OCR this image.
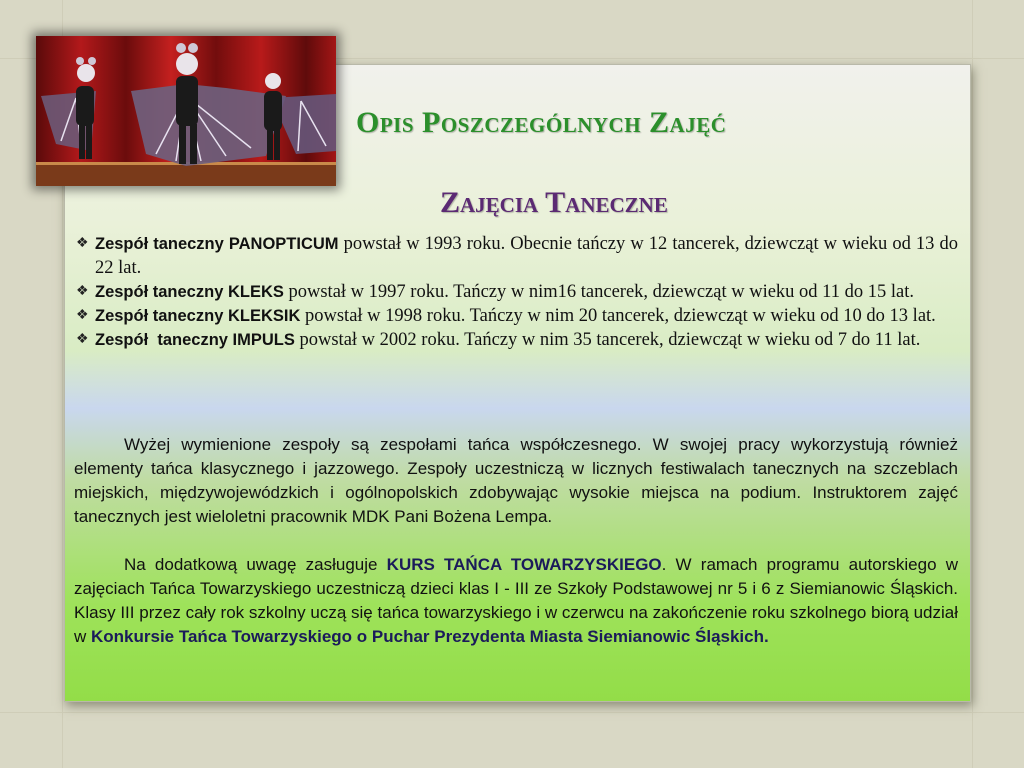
Opis Poszczególnych Zajęć
Zajęcia Taneczne
❖ Zespół taneczny PANOPTICUM powstał w 1993 roku. Obecnie tańczy w 12 tancerek, dziewcząt w wieku od 13 do 22 lat.
❖ Zespół taneczny KLEKS powstał w 1997 roku. Tańczy w nim16 tancerek, dziewcząt w wieku od 11 do 15 lat.
❖ Zespół taneczny KLEKSIK powstał w 1998 roku. Tańczy w nim 20 tancerek, dziewcząt w wieku od 10 do 13 lat.
❖ Zespół  taneczny IMPULS powstał w 2002 roku. Tańczy w nim 35 tancerek, dziewcząt w wieku od 7 do 11 lat.
Wyżej wymienione zespoły są zespołami tańca współczesnego. W swojej pracy wykorzystują również elementy tańca klasycznego i jazzowego. Zespoły uczestniczą w licznych festiwalach tanecznych na szczeblach miejskich, międzywojewódzkich i ogólnopolskich zdobywając wysokie miejsca na podium. Instruktorem zajęć tanecznych jest wieloletni pracownik MDK Pani Bożena Lempa.
Na dodatkową uwagę zasługuje KURS TAŃCA TOWARZYSKIEGO. W ramach programu autorskiego w zajęciach Tańca Towarzyskiego uczestniczą dzieci klas I - III ze Szkoły Podstawowej nr 5 i 6 z Siemianowic Śląskich. Klasy III przez cały rok szkolny uczą się tańca towarzyskiego i w czerwcu na zakończenie roku szkolnego biorą udział w Konkursie Tańca Towarzyskiego o Puchar Prezydenta Miasta Siemianowic Śląskich.
